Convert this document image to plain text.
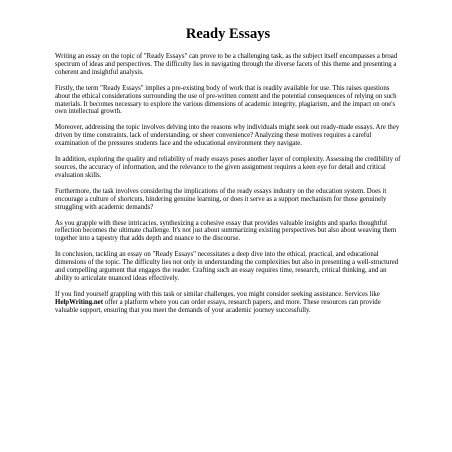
Ready Essays

Writing an essay on the topic of "Ready Essays" can prove to be a challenging task, as the subject itself encompasses a broad spectrum of ideas and perspectives. The difficulty lies in navigating through the diverse facets of this theme and presenting a coherent and insightful analysis.

Firstly, the term "Ready Essays" implies a pre-existing body of work that is readily available for use. This raises questions about the ethical considerations surrounding the use of pre-written content and the potential consequences of relying on such materials. It becomes necessary to explore the various dimensions of academic integrity, plagiarism, and the impact on one's own intellectual growth.

Moreover, addressing the topic involves delving into the reasons why individuals might seek out ready-made essays. Are they driven by time constraints, lack of understanding, or sheer convenience? Analyzing these motives requires a careful examination of the pressures students face and the educational environment they navigate.

In addition, exploring the quality and reliability of ready essays poses another layer of complexity. Assessing the credibility of sources, the accuracy of information, and the relevance to the given assignment requires a keen eye for detail and critical evaluation skills.

Furthermore, the task involves considering the implications of the ready essays industry on the education system. Does it encourage a culture of shortcuts, hindering genuine learning, or does it serve as a support mechanism for those genuinely struggling with academic demands?

As you grapple with these intricacies, synthesizing a cohesive essay that provides valuable insights and sparks thoughtful reflection becomes the ultimate challenge. It's not just about summarizing existing perspectives but also about weaving them together into a tapestry that adds depth and nuance to the discourse.

In conclusion, tackling an essay on "Ready Essays" necessitates a deep dive into the ethical, practical, and educational dimensions of the topic. The difficulty lies not only in understanding the complexities but also in presenting a well-structured and compelling argument that engages the reader. Crafting such an essay requires time, research, critical thinking, and an ability to articulate nuanced ideas effectively.

If you find yourself grappling with this task or similar challenges, you might consider seeking assistance. Services like HelpWriting.net offer a platform where you can order essays, research papers, and more. These resources can provide valuable support, ensuring that you meet the demands of your academic journey successfully.
